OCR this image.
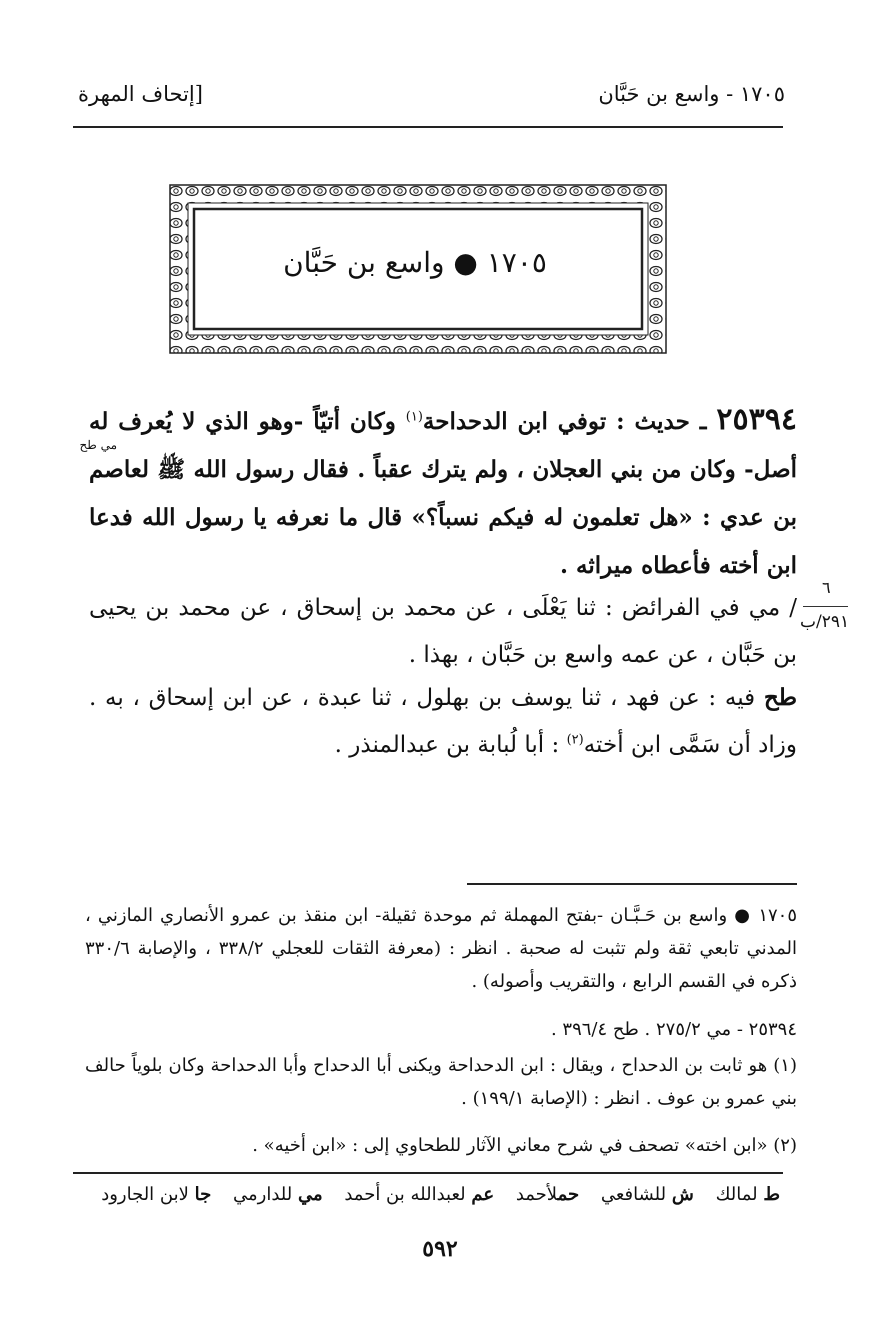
١٧٠٥ - واسع بن حَبَّان
[إتحاف المهرة
١٧٠٥ ● واسع بن حَبَّان
٢٥٣٩٤ ـ حديث : توفي ابن الدحداحة$^{(١)}$ وكان أتيّاً -وهو الذي لا يُعرف له أصل- وكان من بني العجلان ، ولم يترك عقباً . فقال رسول الله ﷺ لعاصم بن عدي : «هل تعلمون له فيكم نسباً؟» قال ما نعرفه يا رسول الله فدعا ابن أخته فأعطاه ميراثه .
مي طح
/ مي في الفرائض : ثنا يَعْلَى ، عن محمد بن إسحاق ، عن محمد بن يحيى بن حَبَّان ، عن عمه واسع بن حَبَّان ، بهذا .
طح فيه : عن فهد ، ثنا يوسف بن بهلول ، ثنا عبدة ، عن ابن إسحاق ، به . وزاد أن سَمَّى ابن أخته$^{(٢)}$ : أبا لُبابة بن عبدالمنذر .
٦
٢٩١/ب
١٧٠٥ ● واسع بن حَـبَّـان -بفتح المهملة ثم موحدة ثقيلة- ابن منقذ بن عمرو الأنصاري المازني ، المدني تابعي ثقة ولم تثبت له صحبة . انظر : (معرفة الثقات للعجلي ٣٣٨/٢ ، والإصابة ٣٣٠/٦ ذكره في القسم الرابع ، والتقريب وأصوله) .
٢٥٣٩٤ - مي ٢٧٥/٢ . طح ٣٩٦/٤ .
(١) هو ثابت بن الدحداح ، ويقال : ابن الدحداحة ويكنى أبا الدحداح وأبا الدحداحة وكان بلوياً حالف بني عمرو بن عوف . انظر : (الإصابة ١٩٩/١) .
(٢) «ابن اخته» تصحف في شرح معاني الآثار للطحاوي إلى : «ابن أخيه» .
ط لمالك ش للشافعي حملأحمد عم لعبدالله بن أحمد مي للدارمي جا لابن الجارود
٥٩٢
